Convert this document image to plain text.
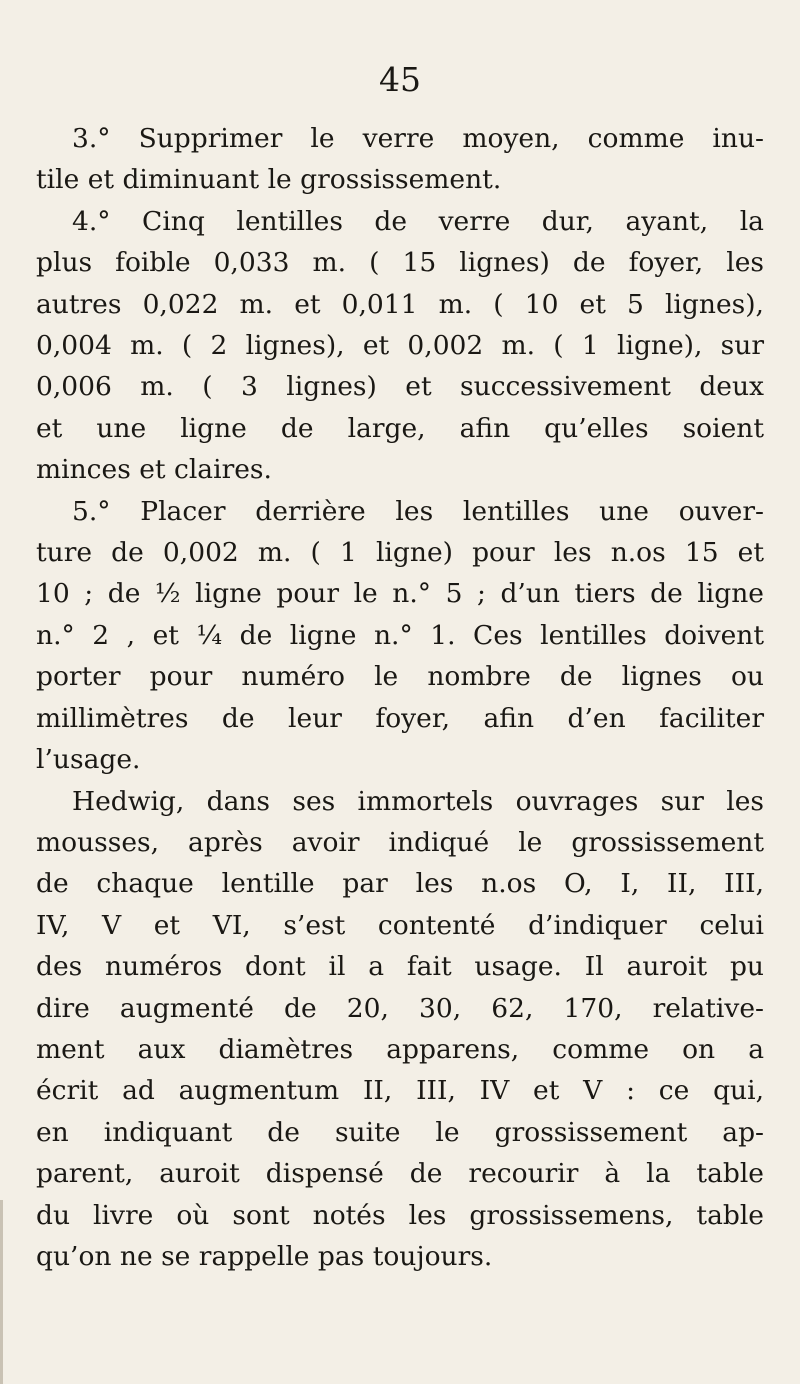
45
3.° Supprimer le verre moyen, comme inu-
tile et diminuant le grossissement.
4.° Cinq lentilles de verre dur, ayant, la
plus foible 0,033 m. ( 15 lignes) de foyer, les
autres 0,022 m. et 0,011 m. ( 10 et 5 lignes),
0,004 m. ( 2 lignes), et 0,002 m. ( 1 ligne), sur
0,006 m. ( 3 lignes) et successivement deux
et une ligne de large, afin qu’elles soient
minces et claires.
5.° Placer derrière les lentilles une ouver-
ture de 0,002 m. ( 1 ligne) pour les n.os 15 et
10 ; de ½ ligne pour le n.° 5 ; d’un tiers de ligne
n.° 2 , et ¼ de ligne n.° 1. Ces lentilles doivent
porter pour numéro le nombre de lignes ou
millimètres de leur foyer, afin d’en faciliter
l’usage.
Hedwig, dans ses immortels ouvrages sur les
mousses, après avoir indiqué le grossissement
de chaque lentille par les n.os O, I, II, III,
IV, V et VI, s’est contenté d’indiquer celui
des numéros dont il a fait usage. Il auroit pu
dire augmenté de 20, 30, 62, 170, relative-
ment aux diamètres apparens, comme on a
écrit ad augmentum II, III, IV et V : ce qui,
en indiquant de suite le grossissement ap-
parent, auroit dispensé de recourir à la table
du livre où sont notés les grossissemens, table
qu’on ne se rappelle pas toujours.
